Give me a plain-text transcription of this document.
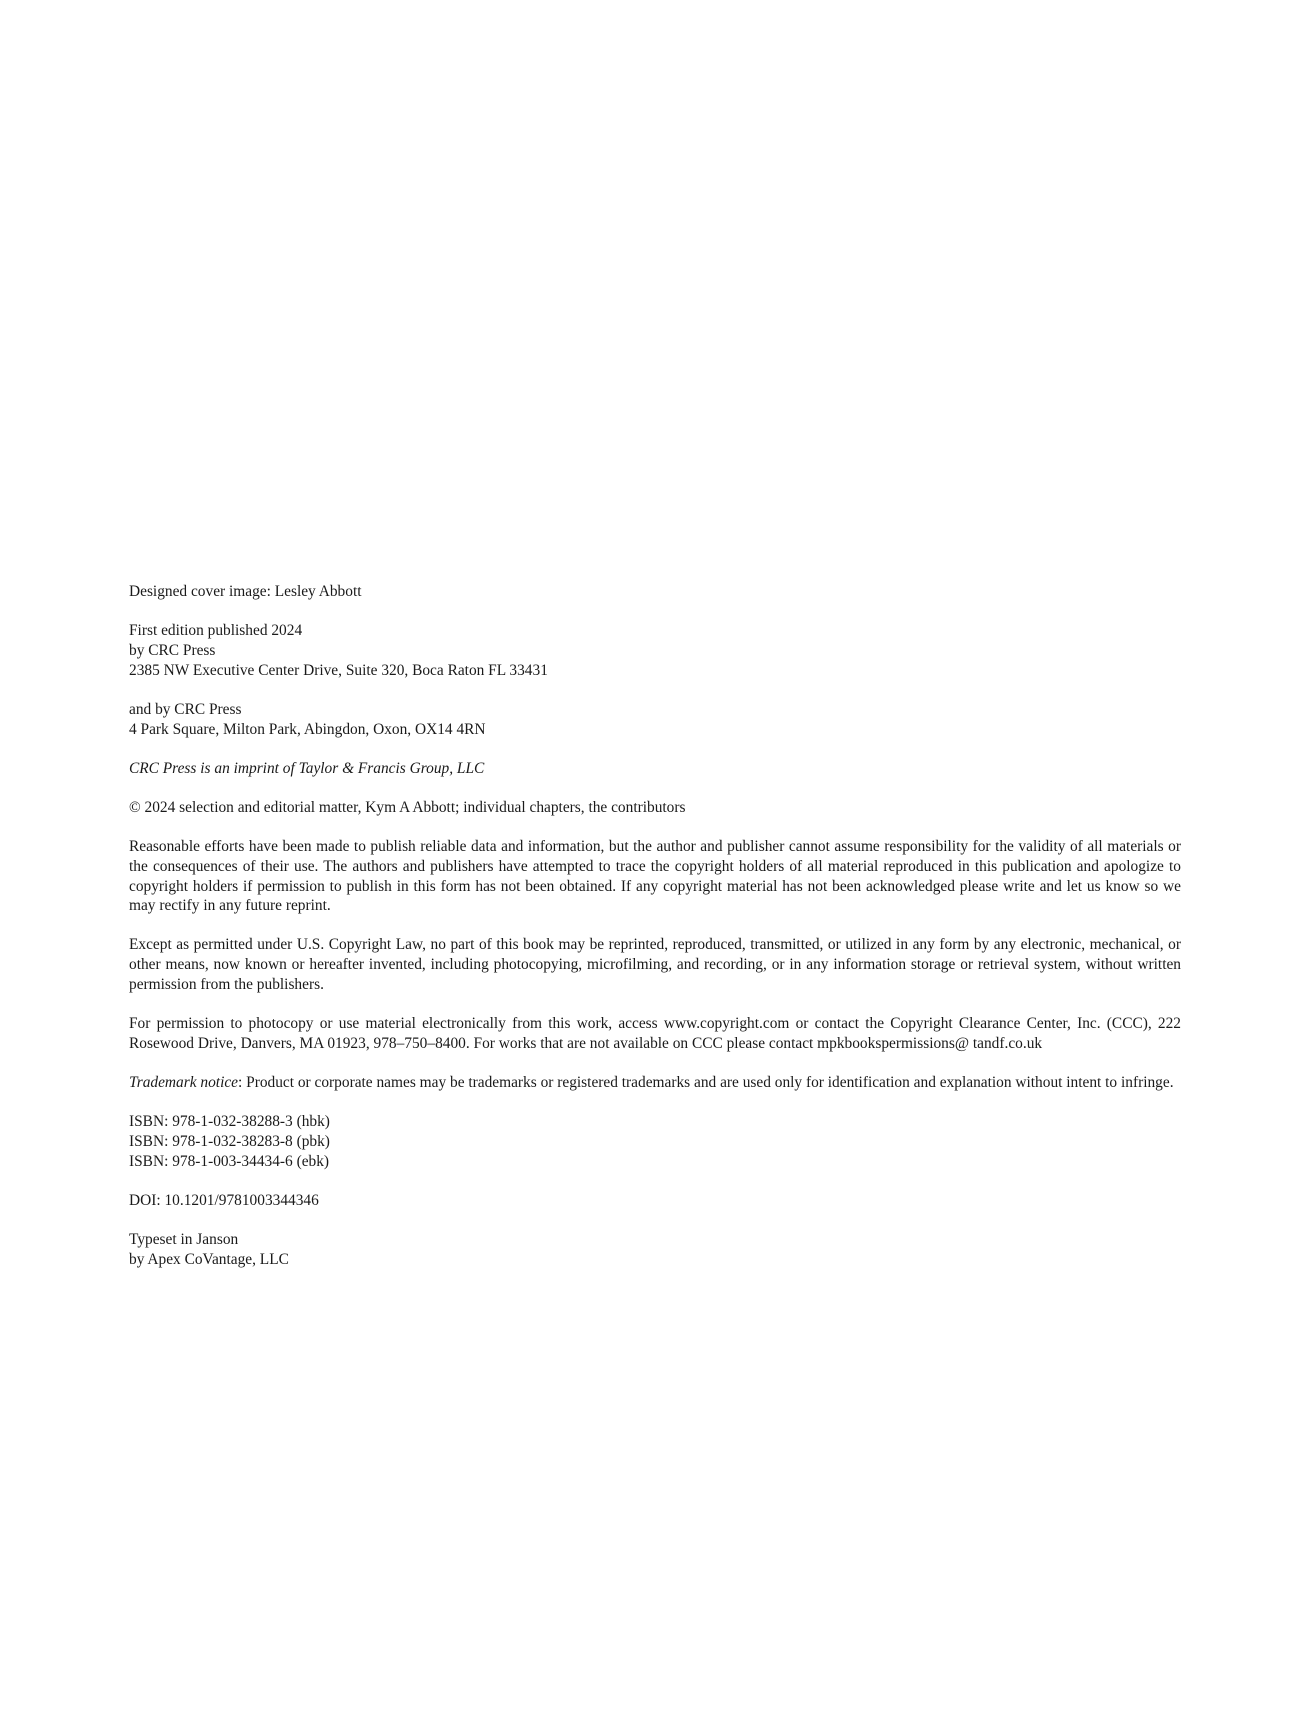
Designed cover image: Lesley Abbott
First edition published 2024
by CRC Press
2385 NW Executive Center Drive, Suite 320, Boca Raton FL 33431
and by CRC Press
4 Park Square, Milton Park, Abingdon, Oxon, OX14 4RN
CRC Press is an imprint of Taylor & Francis Group, LLC
© 2024 selection and editorial matter, Kym A Abbott; individual chapters, the contributors
Reasonable efforts have been made to publish reliable data and information, but the author and publisher cannot assume responsibility for the validity of all materials or the consequences of their use. The authors and publishers have attempted to trace the copyright holders of all material reproduced in this publication and apologize to copyright holders if permission to publish in this form has not been obtained. If any copyright material has not been acknowledged please write and let us know so we may rectify in any future reprint.
Except as permitted under U.S. Copyright Law, no part of this book may be reprinted, reproduced, transmitted, or utilized in any form by any electronic, mechanical, or other means, now known or hereafter invented, including photocopying, microfilming, and recording, or in any information storage or retrieval system, without written permission from the publishers.
For permission to photocopy or use material electronically from this work, access www.copyright.com or contact the Copyright Clearance Center, Inc. (CCC), 222 Rosewood Drive, Danvers, MA 01923, 978–750–8400. For works that are not available on CCC please contact mpkbookspermissions@ tandf.co.uk
Trademark notice: Product or corporate names may be trademarks or registered trademarks and are used only for identification and explanation without intent to infringe.
ISBN: 978-1-032-38288-3 (hbk)
ISBN: 978-1-032-38283-8 (pbk)
ISBN: 978-1-003-34434-6 (ebk)
DOI: 10.1201/9781003344346
Typeset in Janson
by Apex CoVantage, LLC
